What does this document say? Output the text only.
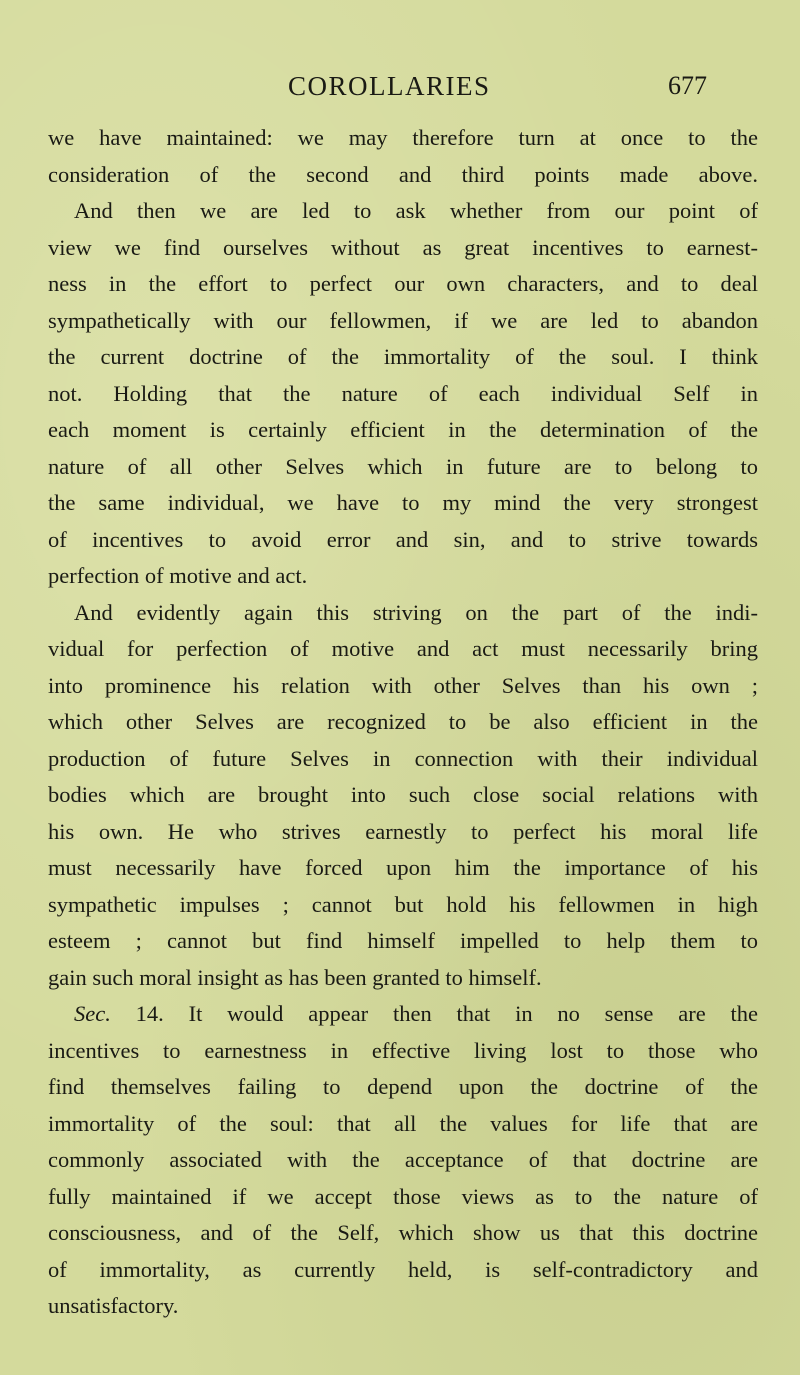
COROLLARIES	677
we have maintained: we may therefore turn at once to the
consideration of the second and third points made above.
And then we are led to ask whether from our point of
view we find ourselves without as great incentives to earnest-
ness in the effort to perfect our own characters, and to deal
sympathetically with our fellowmen, if we are led to abandon
the current doctrine of the immortality of the soul. I think
not. Holding that the nature of each individual Self in
each moment is certainly efficient in the determination of the
nature of all other Selves which in future are to belong to
the same individual, we have to my mind the very strongest
of incentives to avoid error and sin, and to strive towards
perfection of motive and act.
And evidently again this striving on the part of the indi-
vidual for perfection of motive and act must necessarily bring
into prominence his relation with other Selves than his own ;
which other Selves are recognized to be also efficient in the
production of future Selves in connection with their individual
bodies which are brought into such close social relations with
his own. He who strives earnestly to perfect his moral life
must necessarily have forced upon him the importance of his
sympathetic impulses ; cannot but hold his fellowmen in high
esteem ; cannot but find himself impelled to help them to
gain such moral insight as has been granted to himself.
Sec. 14. It would appear then that in no sense are the
incentives to earnestness in effective living lost to those who
find themselves failing to depend upon the doctrine of the
immortality of the soul: that all the values for life that are
commonly associated with the acceptance of that doctrine are
fully maintained if we accept those views as to the nature of
consciousness, and of the Self, which show us that this doctrine
of immortality, as currently held, is self-contradictory and
unsatisfactory.
